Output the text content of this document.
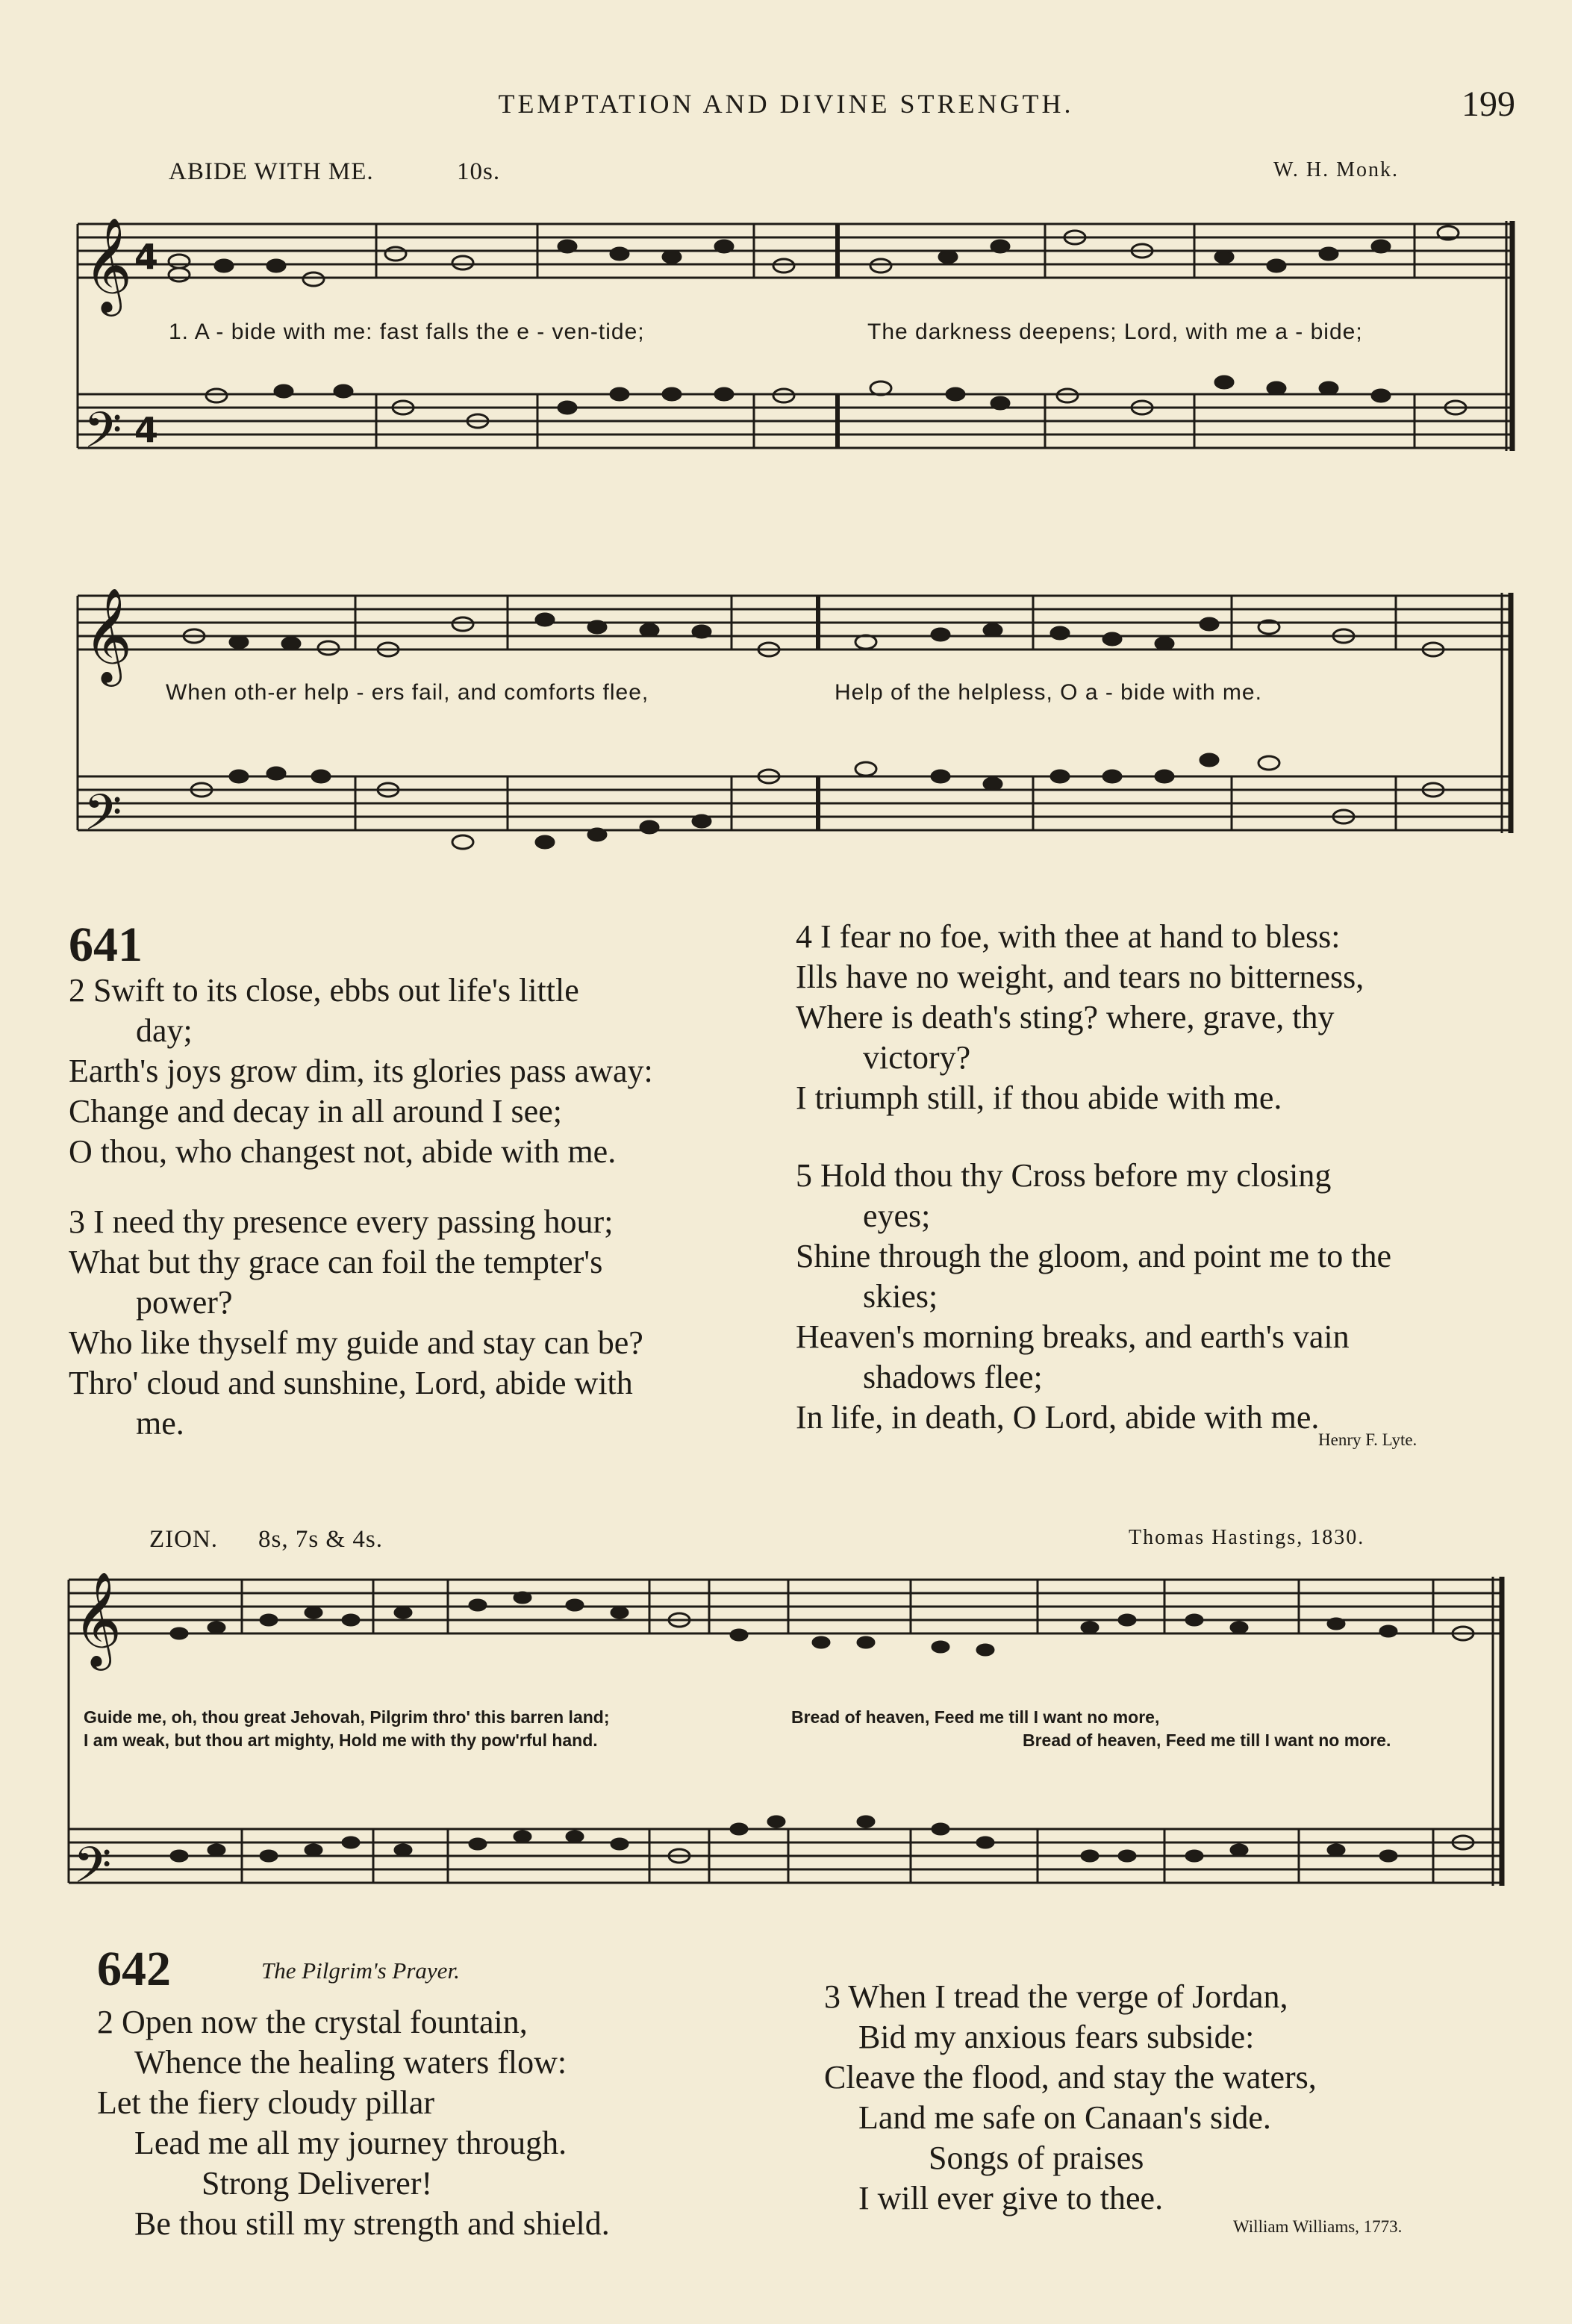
TEMPTATION AND DIVINE STRENGTH.	199
ABIDE WITH ME.	10s.	W. H. Monk.
𝄞
𝄢
4
4
𝄞
𝄢
1. A - bide with me: fast falls the e - ven-tide;	The darkness deepens; Lord, with me a - bide;
When oth-er help - ers fail, and comforts flee,	Help of the helpless, O a - bide with me.
641

2 Swift to its close, ebbs out life's little

day;

Earth's joys grow dim, its glories pass away:

Change and decay in all around I see;

O thou, who changest not, abide with me.

3 I need thy presence every passing hour;

What but thy grace can foil the tempter's

power?

Who like thyself my guide and stay can be?

Thro' cloud and sunshine, Lord, abide with

me.

4 I fear no foe, with thee at hand to bless:

Ills have no weight, and tears no bitterness,

Where is death's sting? where, grave, thy

victory?

I triumph still, if thou abide with me.

5 Hold thou thy Cross before my closing

eyes;

Shine through the gloom, and point me to the

skies;

Heaven's morning breaks, and earth's vain

shadows flee;

In life, in death, O Lord, abide with me.

Henry F. Lyte.
ZION. 8s, 7s & 4s.	Thomas Hastings, 1830.
𝄞
𝄢
Guide me, oh, thou great Jehovah, Pilgrim thro' this barren land;
I am weak, but thou art mighty, Hold me with thy pow'rful hand.
Bread of heaven, Feed me till I want no more,
Bread of heaven, Feed me till I want no more.
642	The Pilgrim's Prayer.

2 Open now the crystal fountain,

Whence the healing waters flow:

Let the fiery cloudy pillar

Lead me all my journey through.

Strong Deliverer!

Be thou still my strength and shield.

3 When I tread the verge of Jordan,

Bid my anxious fears subside:

Cleave the flood, and stay the waters,

Land me safe on Canaan's side.

Songs of praises

I will ever give to thee.

William Williams, 1773.
